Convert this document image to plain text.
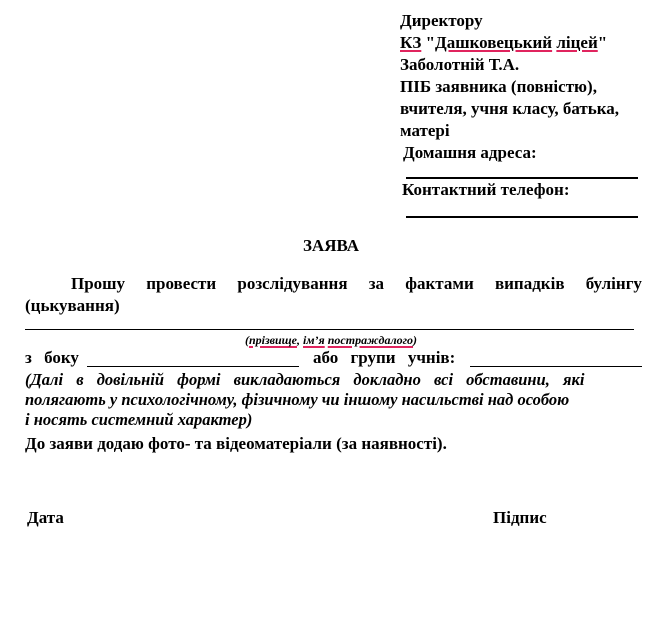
Директору
КЗ "Дашковецький ліцей"
Заболотній Т.А.
ПІБ заявника (повністю),
вчителя, учня класу, батька,
матері
Домашня адреса:
Контактний телефон:
ЗАЯВА
Прошу провести розслідування за фактами випадків булінгу
(цькування)
(прізвище, ім’я постраждалого)
з боку	або групи учнів:
(Далі в довільній формі викладаються докладно всі обставини, які
полягають у психологічному, фізичному чи іншому насильстві над особою
і носять системний характер)
До заяви додаю фото- та відеоматеріали (за наявності).
Дата	Підпис
